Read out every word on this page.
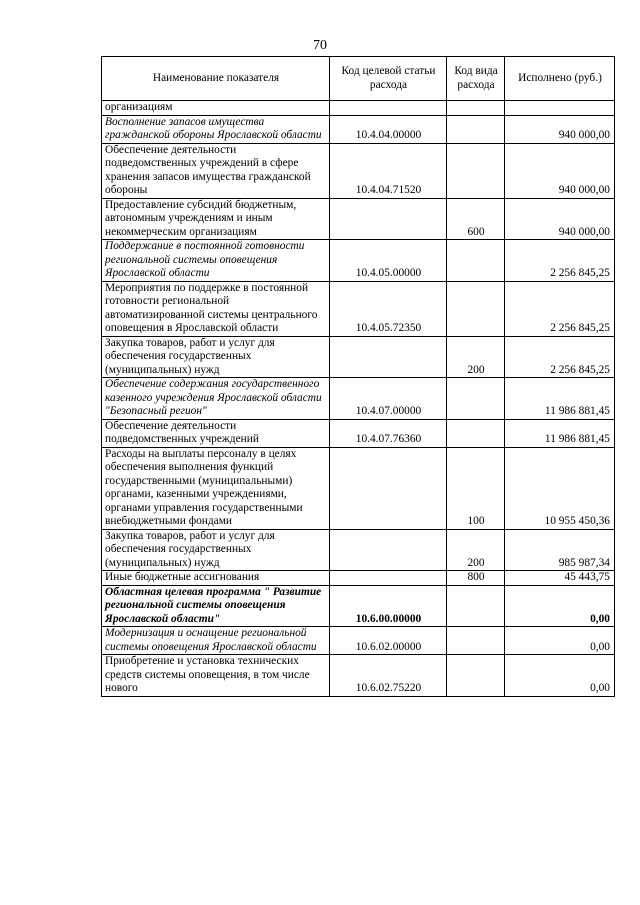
70
Наименование показателя	Код целевой статьи расхода	Код вида расхода	Исполнено (руб.)
организациям			
Восполнение запасов имущества гражданской обороны Ярославской области	10.4.04.00000		940 000,00
Обеспечение деятельности подведомственных учреждений в сфере хранения запасов имущества гражданской обороны	10.4.04.71520		940 000,00
Предоставление субсидий бюджетным, автономным учреждениям и иным некоммерческим организациям		600	940 000,00
Поддержание в постоянной готовности региональной системы оповещения Ярославской области	10.4.05.00000		2 256 845,25
Мероприятия по поддержке в постоянной готовности региональной автоматизированной системы центрального оповещения в Ярославской области	10.4.05.72350		2 256 845,25
Закупка товаров, работ и услуг для обеспечения государственных (муниципальных) нужд		200	2 256 845,25
Обеспечение содержания государственного казенного учреждения Ярославской области "Безопасный регион"	10.4.07.00000		11 986 881,45
Обеспечение деятельности подведомственных учреждений	10.4.07.76360		11 986 881,45
Расходы на выплаты персоналу в целях обеспечения выполнения функций государственными (муниципальными) органами, казенными учреждениями, органами управления государственными внебюджетными фондами		100	10 955 450,36
Закупка товаров, работ и услуг для обеспечения государственных (муниципальных) нужд		200	985 987,34
Иные бюджетные ассигнования		800	45 443,75
Областная целевая программа " Развитие региональной системы оповещения Ярославской области"	10.6.00.00000		0,00
Модернизация и оснащение региональной системы оповещения Ярославской области	10.6.02.00000		0,00
Приобретение и установка технических средств системы оповещения, в том числе нового	10.6.02.75220		0,00
